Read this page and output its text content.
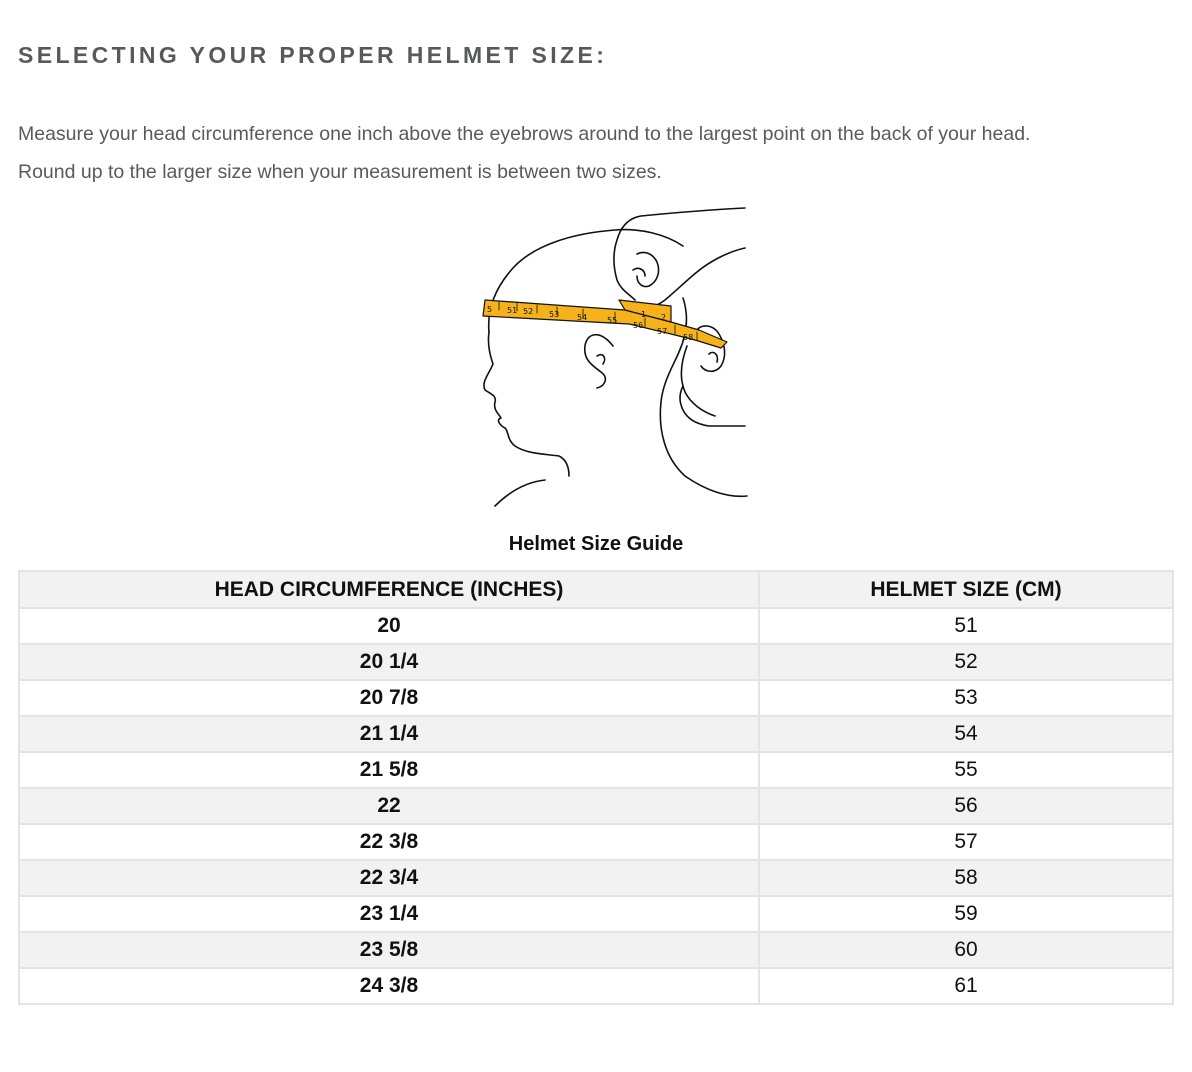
SELECTING YOUR PROPER HELMET SIZE:

Measure your head circumference one inch above the eyebrows around to the largest point on the back of your head.

Round up to the larger size when your measurement is between two sizes.

5 51 52 53 54 55
56
57
58
1 2
Helmet Size Guide
HEAD CIRCUMFERENCE (INCHES)	HELMET SIZE (CM)
20	51
20 1/4	52
20 7/8	53
21 1/4	54
21 5/8	55
22	56
22 3/8	57
22 3/4	58
23 1/4	59
23 5/8	60
24 3/8	61
